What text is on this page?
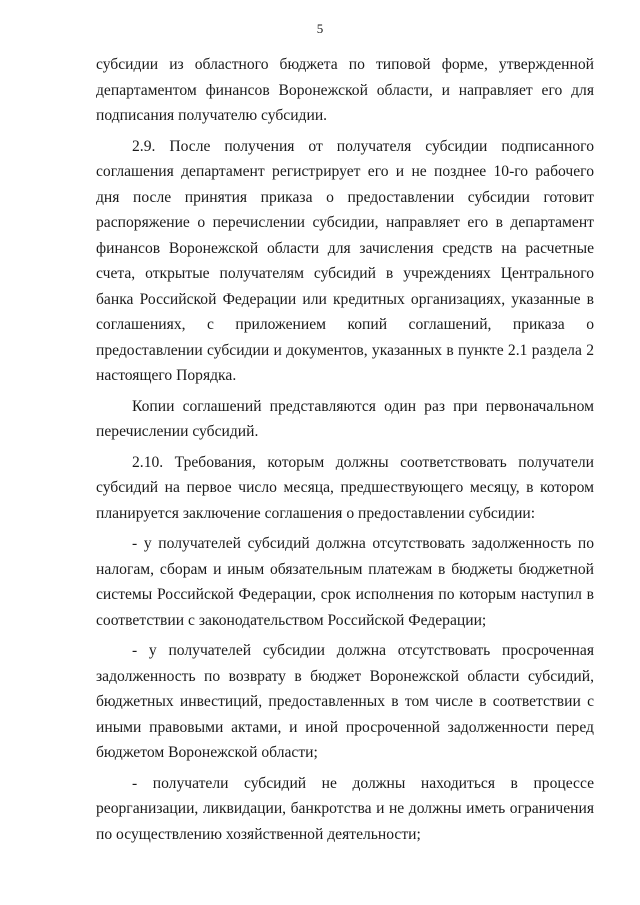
5

субсидии из областного бюджета по типовой форме, утвержденной департаментом финансов Воронежской области, и направляет его для подписания получателю субсидии.

2.9. После получения от получателя субсидии подписанного соглашения департамент регистрирует его и не позднее 10-го рабочего дня после принятия приказа о предоставлении субсидии готовит распоряжение о перечислении субсидии, направляет его в департамент финансов Воронежской области для зачисления средств на расчетные счета, открытые получателям субсидий в учреждениях Центрального банка Российской Федерации или кредитных организациях, указанные в соглашениях, с приложением копий соглашений, приказа о предоставлении субсидии и документов, указанных в пункте 2.1 раздела 2 настоящего Порядка.

Копии соглашений представляются один раз при первоначальном перечислении субсидий.

2.10. Требования, которым должны соответствовать получатели субсидий на первое число месяца, предшествующего месяцу, в котором планируется заключение соглашения о предоставлении субсидии:

- у получателей субсидий должна отсутствовать задолженность по налогам, сборам и иным обязательным платежам в бюджеты бюджетной системы Российской Федерации, срок исполнения по которым наступил в соответствии с законодательством Российской Федерации;

- у получателей субсидии должна отсутствовать просроченная задолженность по возврату в бюджет Воронежской области субсидий, бюджетных инвестиций, предоставленных в том числе в соответствии с иными правовыми актами, и иной просроченной задолженности перед бюджетом Воронежской области;

- получатели субсидий не должны находиться в процессе реорганизации, ликвидации, банкротства и не должны иметь ограничения по осуществлению хозяйственной деятельности;
